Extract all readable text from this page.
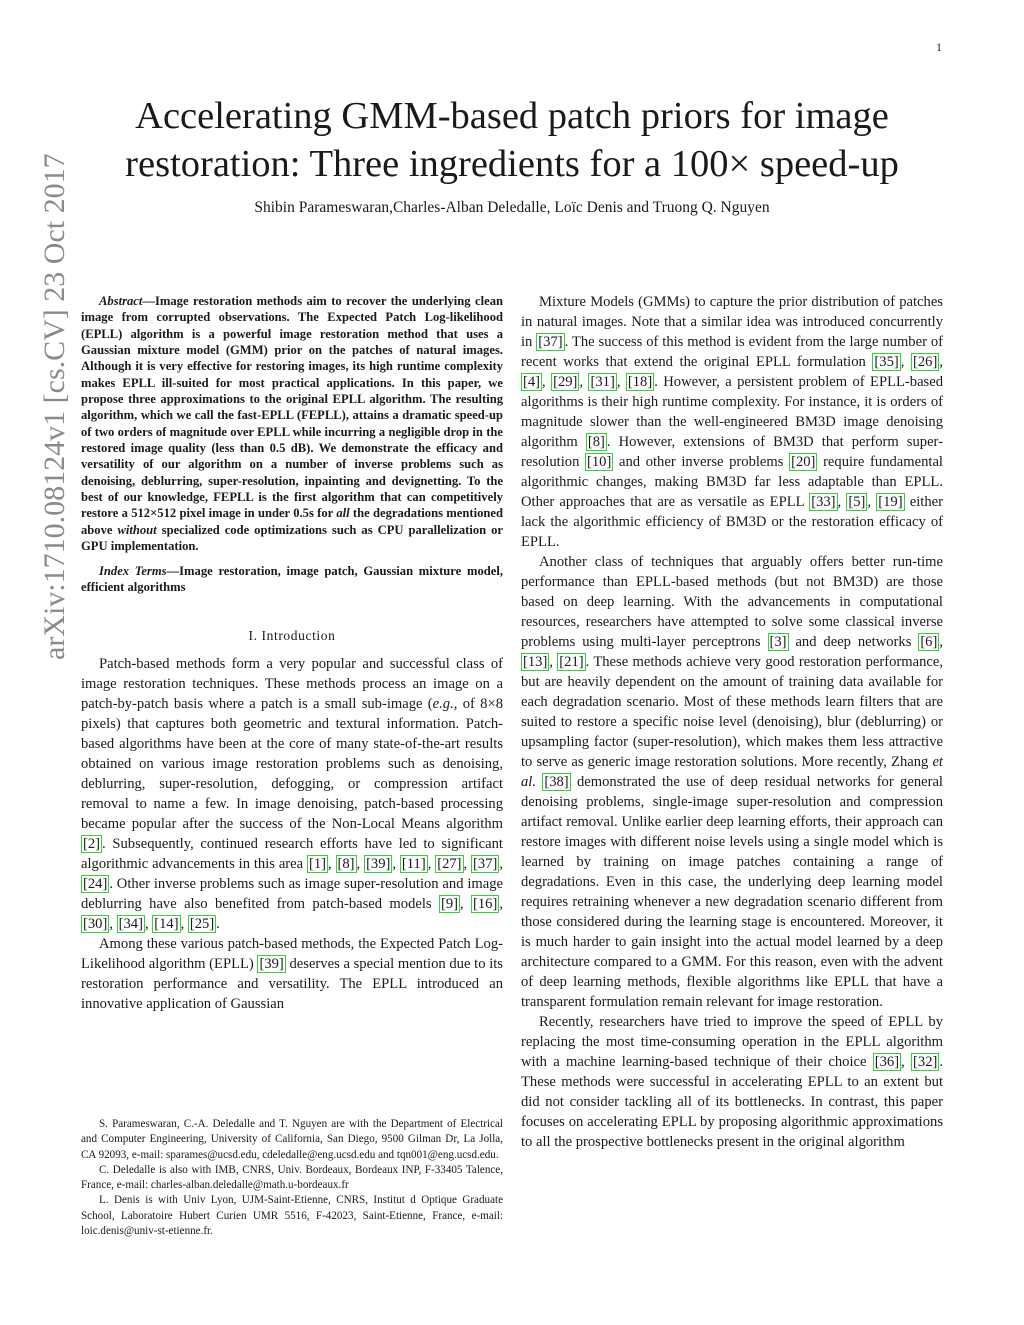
1
arXiv:1710.08124v1 [cs.CV] 23 Oct 2017
Accelerating GMM-based patch priors for image
restoration: Three ingredients for a 100× speed-up
Shibin Parameswaran,Charles-Alban Deledalle, Loïc Denis and Truong Q. Nguyen

Abstract—Image restoration methods aim to recover the underlying clean image from corrupted observations. The Expected Patch Log-likelihood (EPLL) algorithm is a powerful image restoration method that uses a Gaussian mixture model (GMM) prior on the patches of natural images. Although it is very effective for restoring images, its high runtime complexity makes EPLL ill-suited for most practical applications. In this paper, we propose three approximations to the original EPLL algorithm. The resulting algorithm, which we call the fast-EPLL (FEPLL), attains a dramatic speed-up of two orders of magnitude over EPLL while incurring a negligible drop in the restored image quality (less than 0.5 dB). We demonstrate the efficacy and versatility of our algorithm on a number of inverse problems such as denoising, deblurring, super-resolution, inpainting and devignetting. To the best of our knowledge, FEPLL is the first algorithm that can competitively restore a 512×512 pixel image in under 0.5s for all the degradations mentioned above without specialized code optimizations such as CPU parallelization or GPU implementation.

Index Terms—Image restoration, image patch, Gaussian mixture model, efficient algorithms

I. Introduction

Patch-based methods form a very popular and successful class of image restoration techniques. These methods process an image on a patch-by-patch basis where a patch is a small sub-image (e.g., of 8×8 pixels) that captures both geometric and textural information. Patch-based algorithms have been at the core of many state-of-the-art results obtained on various image restoration problems such as denoising, deblurring, super-resolution, defogging, or compression artifact removal to name a few. In image denoising, patch-based processing became popular after the success of the Non-Local Means algorithm [2] . Subsequently, continued research efforts have led to significant algorithmic advancements in this area [1] , [8] , [39] , [11] , [27] , [37] , [24] . Other inverse problems such as image super-resolution and image deblurring have also benefited from patch-based models [9] , [16] , [30] , [34] , [14] , [25] .

Among these various patch-based methods, the Expected Patch Log-Likelihood algorithm (EPLL) [39] deserves a special mention due to its restoration performance and versatility. The EPLL introduced an innovative application of Gaussian

S. Parameswaran, C.-A. Deledalle and T. Nguyen are with the Department of Electrical and Computer Engineering, University of California, San Diego, 9500 Gilman Dr, La Jolla, CA 92093, e-mail: sparames@ucsd.edu, cdeledalle@eng.ucsd.edu and tqn001@eng.ucsd.edu.

C. Deledalle is also with IMB, CNRS, Univ. Bordeaux, Bordeaux INP, F-33405 Talence, France, e-mail: charles-alban.deledalle@math.u-bordeaux.fr

L. Denis is with Univ Lyon, UJM-Saint-Etienne, CNRS, Institut d Optique Graduate School, Laboratoire Hubert Curien UMR 5516, F-42023, Saint-Etienne, France, e-mail: loic.denis@univ-st-etienne.fr.

Mixture Models (GMMs) to capture the prior distribution of patches in natural images. Note that a similar idea was introduced concurrently in [37] . The success of this method is evident from the large number of recent works that extend the original EPLL formulation [35] , [26] , [4] , [29] , [31] , [18] . However, a persistent problem of EPLL-based algorithms is their high runtime complexity. For instance, it is orders of magnitude slower than the well-engineered BM3D image denoising algorithm [8] . However, extensions of BM3D that perform super-resolution [10] and other inverse problems [20] require fundamental algorithmic changes, making BM3D far less adaptable than EPLL. Other approaches that are as versatile as EPLL [33] , [5] , [19] either lack the algorithmic efficiency of BM3D or the restoration efficacy of EPLL.

Another class of techniques that arguably offers better run-time performance than EPLL-based methods (but not BM3D) are those based on deep learning. With the advancements in computational resources, researchers have attempted to solve some classical inverse problems using multi-layer perceptrons [3] and deep networks [6] , [13] , [21] . These methods achieve very good restoration performance, but are heavily dependent on the amount of training data available for each degradation scenario. Most of these methods learn filters that are suited to restore a specific noise level (denoising), blur (deblurring) or upsampling factor (super-resolution), which makes them less attractive to serve as generic image restoration solutions. More recently, Zhang et al. [38] demonstrated the use of deep residual networks for general denoising problems, single-image super-resolution and compression artifact removal. Unlike earlier deep learning efforts, their approach can restore images with different noise levels using a single model which is learned by training on image patches containing a range of degradations. Even in this case, the underlying deep learning model requires retraining whenever a new degradation scenario different from those considered during the learning stage is encountered. Moreover, it is much harder to gain insight into the actual model learned by a deep architecture compared to a GMM. For this reason, even with the advent of deep learning methods, flexible algorithms like EPLL that have a transparent formulation remain relevant for image restoration.

Recently, researchers have tried to improve the speed of EPLL by replacing the most time-consuming operation in the EPLL algorithm with a machine learning-based technique of their choice [36] , [32] . These methods were successful in accelerating EPLL to an extent but did not consider tackling all of its bottlenecks. In contrast, this paper focuses on accelerating EPLL by proposing algorithmic approximations to all the prospective bottlenecks present in the original algorithm
